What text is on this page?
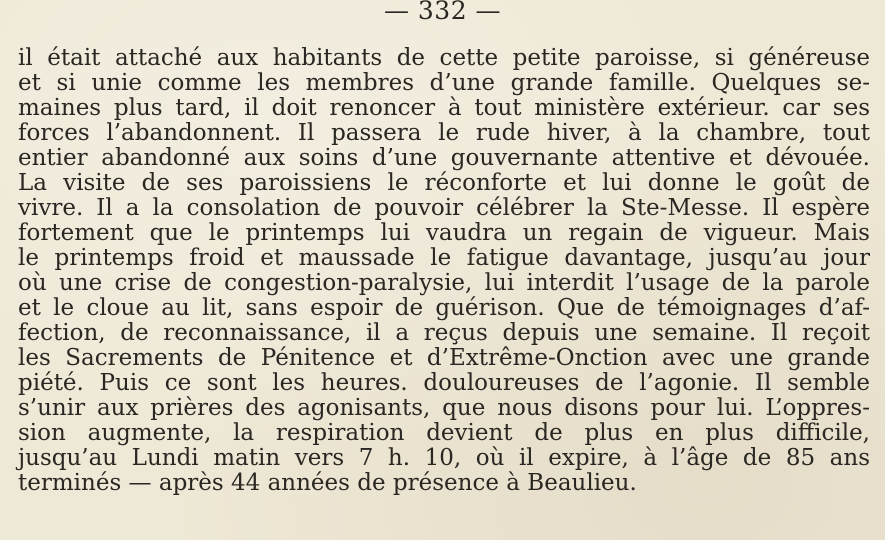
— 332 —
il était attaché aux habitants de cette petite paroisse, si généreuse
et si unie comme les membres d’une grande famille. Quelques se-
maines plus tard, il doit renoncer à tout ministère extérieur. car ses
forces l’abandonnent. Il passera le rude hiver, à la chambre, tout
entier abandonné aux soins d’une gouvernante attentive et dévouée.
La visite de ses paroissiens le réconforte et lui donne le goût de
vivre. Il a la consolation de pouvoir célébrer la Ste-Messe. Il espère
fortement que le printemps lui vaudra un regain de vigueur. Mais
le printemps froid et maussade le fatigue davantage, jusqu’au jour
où une crise de congestion-paralysie, lui interdit l’usage de la parole
et le cloue au lit, sans espoir de guérison. Que de témoignages d’af-
fection, de reconnaissance, il a reçus depuis une semaine. Il reçoit
les Sacrements de Pénitence et d’Extrême-Onction avec une grande
piété. Puis ce sont les heures. douloureuses de l’agonie. Il semble
s’unir aux prières des agonisants, que nous disons pour lui. L’oppres-
sion augmente, la respiration devient de plus en plus difficile,
jusqu’au Lundi matin vers 7 h. 10, où il expire, à l’âge de 85 ans
terminés — après 44 années de présence à Beaulieu.
